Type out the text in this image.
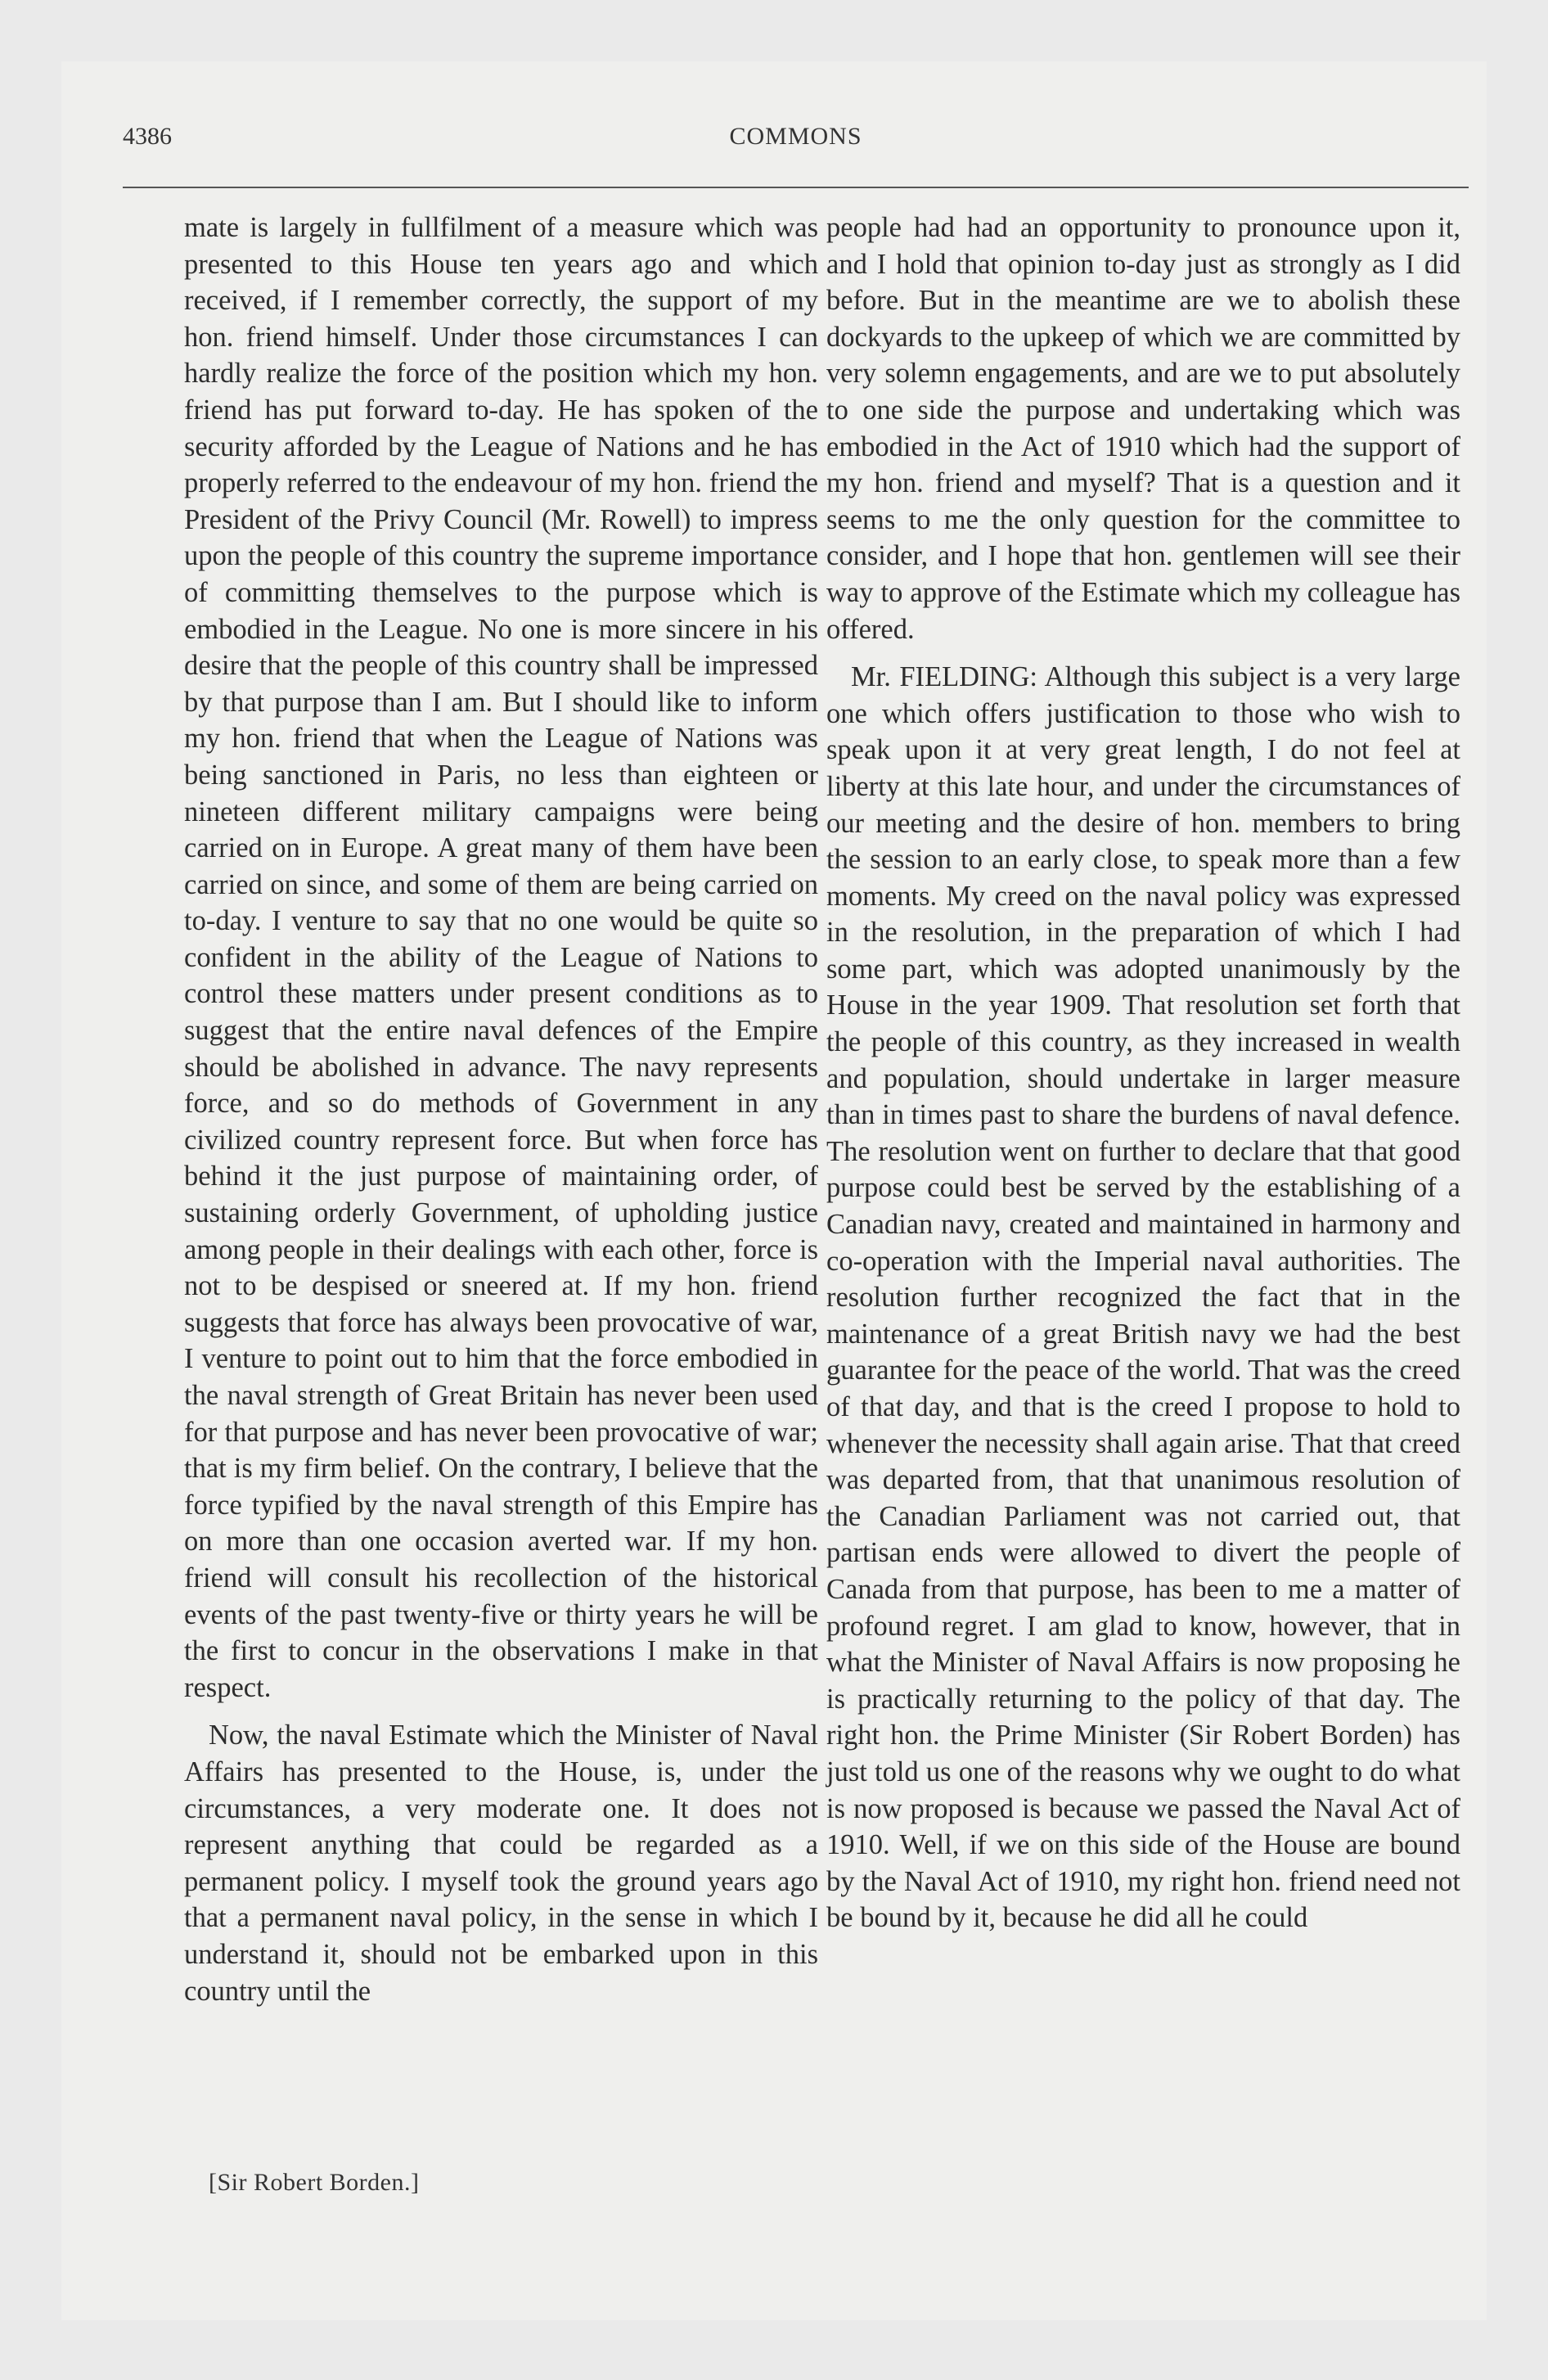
4386	COMMONS

mate is largely in fullfilment of a measure which was presented to this House ten years ago and which received, if I remember correctly, the support of my hon. friend himself. Under those circumstances I can hardly realize the force of the position which my hon. friend has put forward to-day. He has spoken of the security afforded by the League of Nations and he has properly referred to the endeavour of my hon. friend the President of the Privy Council (Mr. Rowell) to impress upon the people of this country the supreme importance of committing themselves to the purpose which is embodied in the League. No one is more sincere in his desire that the people of this country shall be impressed by that purpose than I am. But I should like to inform my hon. friend that when the League of Nations was being sanctioned in Paris, no less than eighteen or nineteen different military campaigns were being carried on in Europe. A great many of them have been carried on since, and some of them are being carried on to-day. I venture to say that no one would be quite so confident in the ability of the League of Nations to control these matters under present conditions as to suggest that the entire naval defences of the Empire should be abolished in advance. The navy represents force, and so do methods of Government in any civilized country represent force. But when force has behind it the just purpose of maintaining order, of sustaining orderly Government, of upholding justice among people in their dealings with each other, force is not to be despised or sneered at. If my hon. friend suggests that force has always been provocative of war, I venture to point out to him that the force embodied in the naval strength of Great Britain has never been used for that purpose and has never been provocative of war; that is my firm belief. On the contrary, I believe that the force typified by the naval strength of this Empire has on more than one occasion averted war. If my hon. friend will consult his recollection of the historical events of the past twenty-five or thirty years he will be the first to concur in the observations I make in that respect.

Now, the naval Estimate which the Minister of Naval Affairs has presented to the House, is, under the circumstances, a very moderate one. It does not represent anything that could be regarded as a permanent policy. I myself took the ground years ago that a permanent naval policy, in the sense in which I understand it, should not be embarked upon in this country until the

[Sir Robert Borden.]

people had had an opportunity to pronounce upon it, and I hold that opinion to-day just as strongly as I did before. But in the meantime are we to abolish these dockyards to the upkeep of which we are committed by very solemn engagements, and are we to put absolutely to one side the purpose and undertaking which was embodied in the Act of 1910 which had the support of my hon. friend and myself? That is a question and it seems to me the only question for the committee to consider, and I hope that hon. gentlemen will see their way to approve of the Estimate which my colleague has offered.

Mr. FIELDING: Although this subject is a very large one which offers justification to those who wish to speak upon it at very great length, I do not feel at liberty at this late hour, and under the circumstances of our meeting and the desire of hon. members to bring the session to an early close, to speak more than a few moments. My creed on the naval policy was expressed in the resolution, in the preparation of which I had some part, which was adopted unanimously by the House in the year 1909. That resolution set forth that the people of this country, as they increased in wealth and population, should undertake in larger measure than in times past to share the burdens of naval defence. The resolution went on further to declare that that good purpose could best be served by the establishing of a Canadian navy, created and maintained in harmony and co-operation with the Imperial naval authorities. The resolution further recognized the fact that in the maintenance of a great British navy we had the best guarantee for the peace of the world. That was the creed of that day, and that is the creed I propose to hold to whenever the necessity shall again arise. That that creed was departed from, that that unanimous resolution of the Canadian Parliament was not carried out, that partisan ends were allowed to divert the people of Canada from that purpose, has been to me a matter of profound regret. I am glad to know, however, that in what the Minister of Naval Affairs is now proposing he is practically returning to the policy of that day. The right hon. the Prime Minister (Sir Robert Borden) has just told us one of the reasons why we ought to do what is now proposed is because we passed the Naval Act of 1910. Well, if we on this side of the House are bound by the Naval Act of 1910, my right hon. friend need not be bound by it, because he did all he could
